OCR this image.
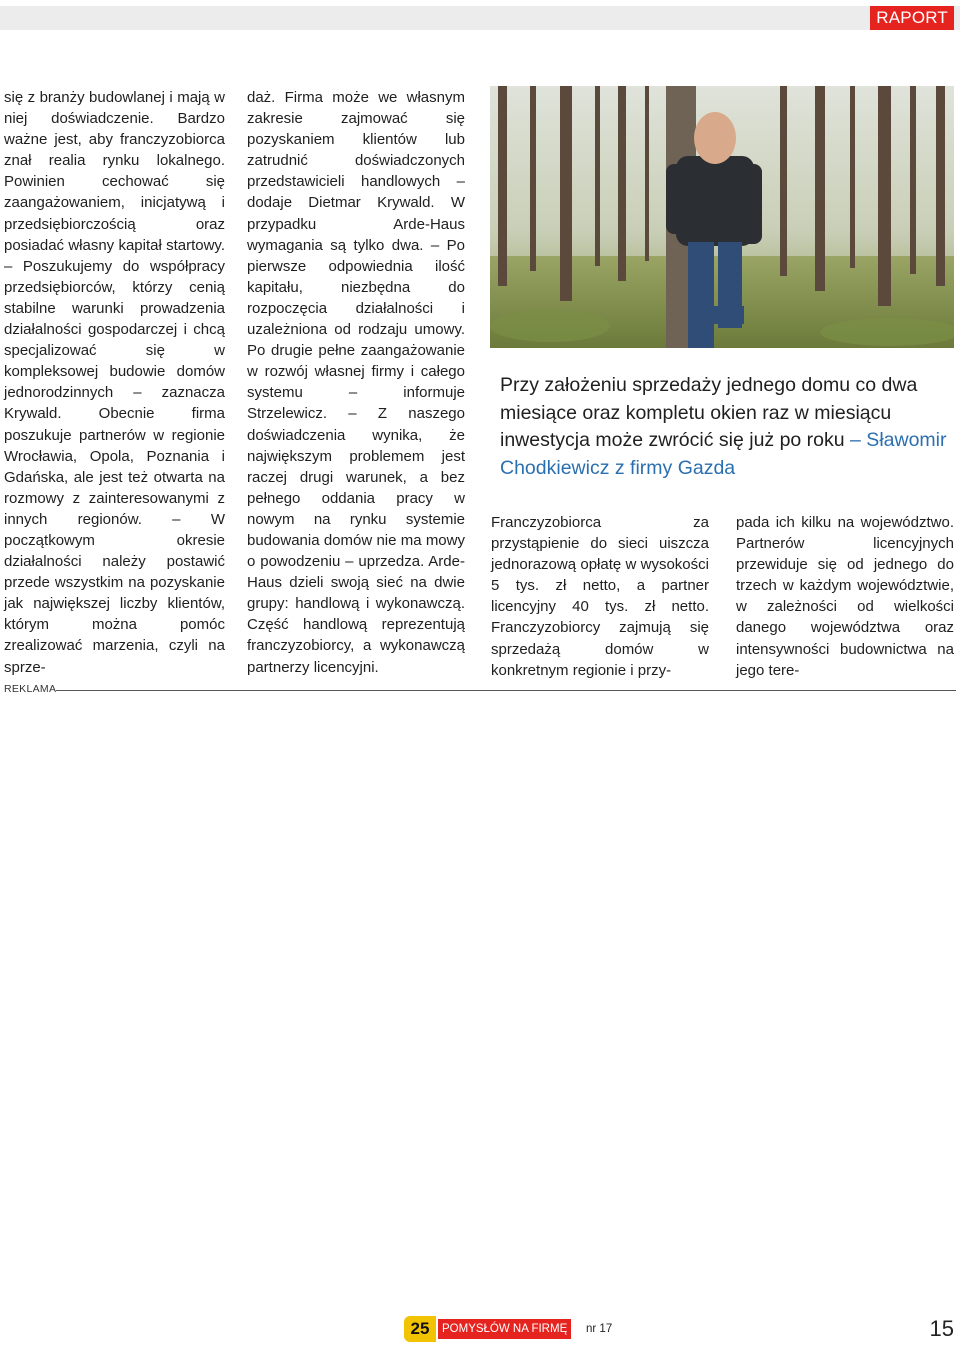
RAPORT

się z branży budowlanej i mają w niej doświadczenie. Bardzo ważne jest, aby franczyzobiorca znał realia rynku lokalnego. Powinien cechować się zaangażowaniem, inicjatywą i przedsiębiorczością oraz posiadać własny kapitał startowy. – Poszukujemy do współpracy przedsiębiorców, którzy cenią stabilne warunki prowadzenia działalności gospodarczej i chcą specjalizować się w kompleksowej budowie domów jednorodzinnych – zaznacza Krywald. Obecnie firma poszukuje partnerów w regionie Wrocławia, Opola, Poznania i Gdańska, ale jest też otwarta na rozmowy z zainteresowanymi z innych regionów. – W początkowym okresie działalności należy postawić przede wszystkim na pozyskanie jak największej liczby klientów, którym można pomóc zrealizować marzenia, czyli na sprze-

daż. Firma może we własnym zakresie zajmować się pozyskaniem klientów lub zatrudnić doświadczonych przedstawicieli handlowych – dodaje Dietmar Krywald. W przypadku Arde-Haus wymagania są tylko dwa. – Po pierwsze odpowiednia ilość kapitału, niezbędna do rozpoczęcia działalności i uzależniona od rodzaju umowy. Po drugie pełne zaangażowanie w rozwój własnej firmy i całego systemu – informuje Strzelewicz. – Z naszego doświadczenia wynika, że największym problemem jest raczej drugi warunek, a bez pełnego oddania pracy w nowym na rynku systemie budowania domów nie ma mowy o powodzeniu – uprzedza. Arde-Haus dzieli swoją sieć na dwie grupy: handlową i wykonawczą. Część handlową reprezentują franczyzobiorcy, a wykonawczą partnerzy licencyjni.

Przy założeniu sprzedaży jednego domu co dwa miesiące oraz kompletu okien raz w miesiącu inwestycja może zwrócić się już po roku – Sławomir Chodkiewicz z firmy Gazda

Franczyzobiorca za przystąpienie do sieci uiszcza jednorazową opłatę w wysokości 5 tys. zł netto, a partner licencyjny 40 tys. zł netto. Franczyzobiorcy zajmują się sprzedażą domów w konkretnym regionie i przy-

pada ich kilku na województwo. Partnerów licencyjnych przewiduje się od jednego do trzech w każdym województwie, w zależności od wielkości danego województwa oraz intensywności budownictwa na jego tere-

REKLAMA
25	POMYSŁÓW NA FIRMĘ	nr 17	15
